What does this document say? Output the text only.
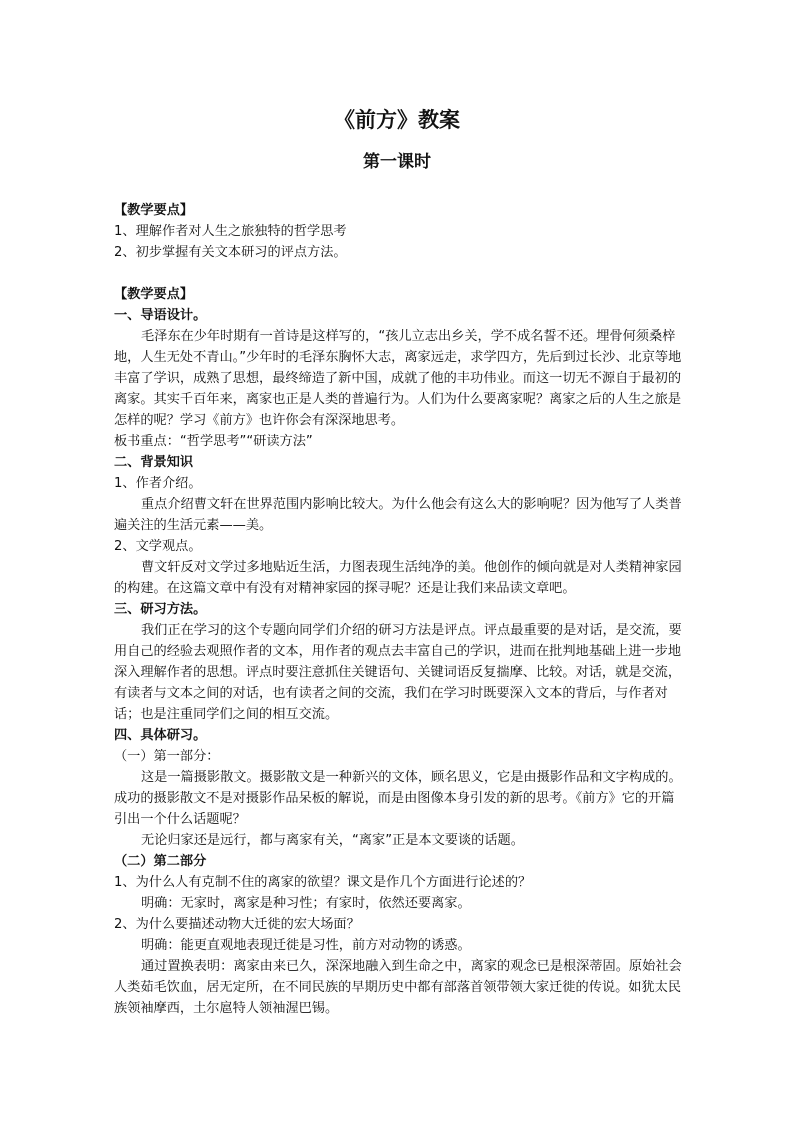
《前方》教案
第一课时

【教学要点】

1、理解作者对人生之旅独特的哲学思考

2、初步掌握有关文本研习的评点方法。

【教学要点】

一、导语设计。

毛泽东在少年时期有一首诗是这样写的，“孩儿立志出乡关，学不成名誓不还。埋骨何须桑梓地，人生无处不青山。”少年时的毛泽东胸怀大志，离家远走，求学四方，先后到过长沙、北京等地丰富了学识，成熟了思想，最终缔造了新中国，成就了他的丰功伟业。而这一切无不源自于最初的离家。其实千百年来，离家也正是人类的普遍行为。人们为什么要离家呢？离家之后的人生之旅是怎样的呢？学习《前方》也许你会有深深地思考。

板书重点：“哲学思考”“研读方法”

二、背景知识

1、作者介绍。

重点介绍曹文轩在世界范围内影响比较大。为什么他会有这么大的影响呢？因为他写了人类普遍关注的生活元素——美。

2、文学观点。

曹文轩反对文学过多地贴近生活，力图表现生活纯净的美。他创作的倾向就是对人类精神家园的构建。在这篇文章中有没有对精神家园的探寻呢？还是让我们来品读文章吧。

三、研习方法。

我们正在学习的这个专题向同学们介绍的研习方法是评点。评点最重要的是对话，是交流，要用自己的经验去观照作者的文本，用作者的观点去丰富自己的学识，进而在批判地基础上进一步地深入理解作者的思想。评点时要注意抓住关键语句、关键词语反复揣摩、比较。对话，就是交流，有读者与文本之间的对话，也有读者之间的交流，我们在学习时既要深入文本的背后，与作者对话；也是注重同学们之间的相互交流。

四、具体研习。

（一）第一部分：

这是一篇摄影散文。摄影散文是一种新兴的文体，顾名思义，它是由摄影作品和文字构成的。成功的摄影散文不是对摄影作品呆板的解说，而是由图像本身引发的新的思考。《前方》它的开篇引出一个什么话题呢？

无论归家还是远行，都与离家有关，“离家”正是本文要谈的话题。

（二）第二部分

1、为什么人有克制不住的离家的欲望？课文是作几个方面进行论述的？

明确：无家时，离家是种习性；有家时，依然还要离家。

2、为什么要描述动物大迁徙的宏大场面？

明确：能更直观地表现迁徙是习性，前方对动物的诱惑。

通过置换表明：离家由来已久，深深地融入到生命之中，离家的观念已是根深蒂固。原始社会人类茹毛饮血，居无定所，在不同民族的早期历史中都有部落首领带领大家迁徙的传说。如犹太民族领袖摩西，土尔扈特人领袖渥巴锡。
